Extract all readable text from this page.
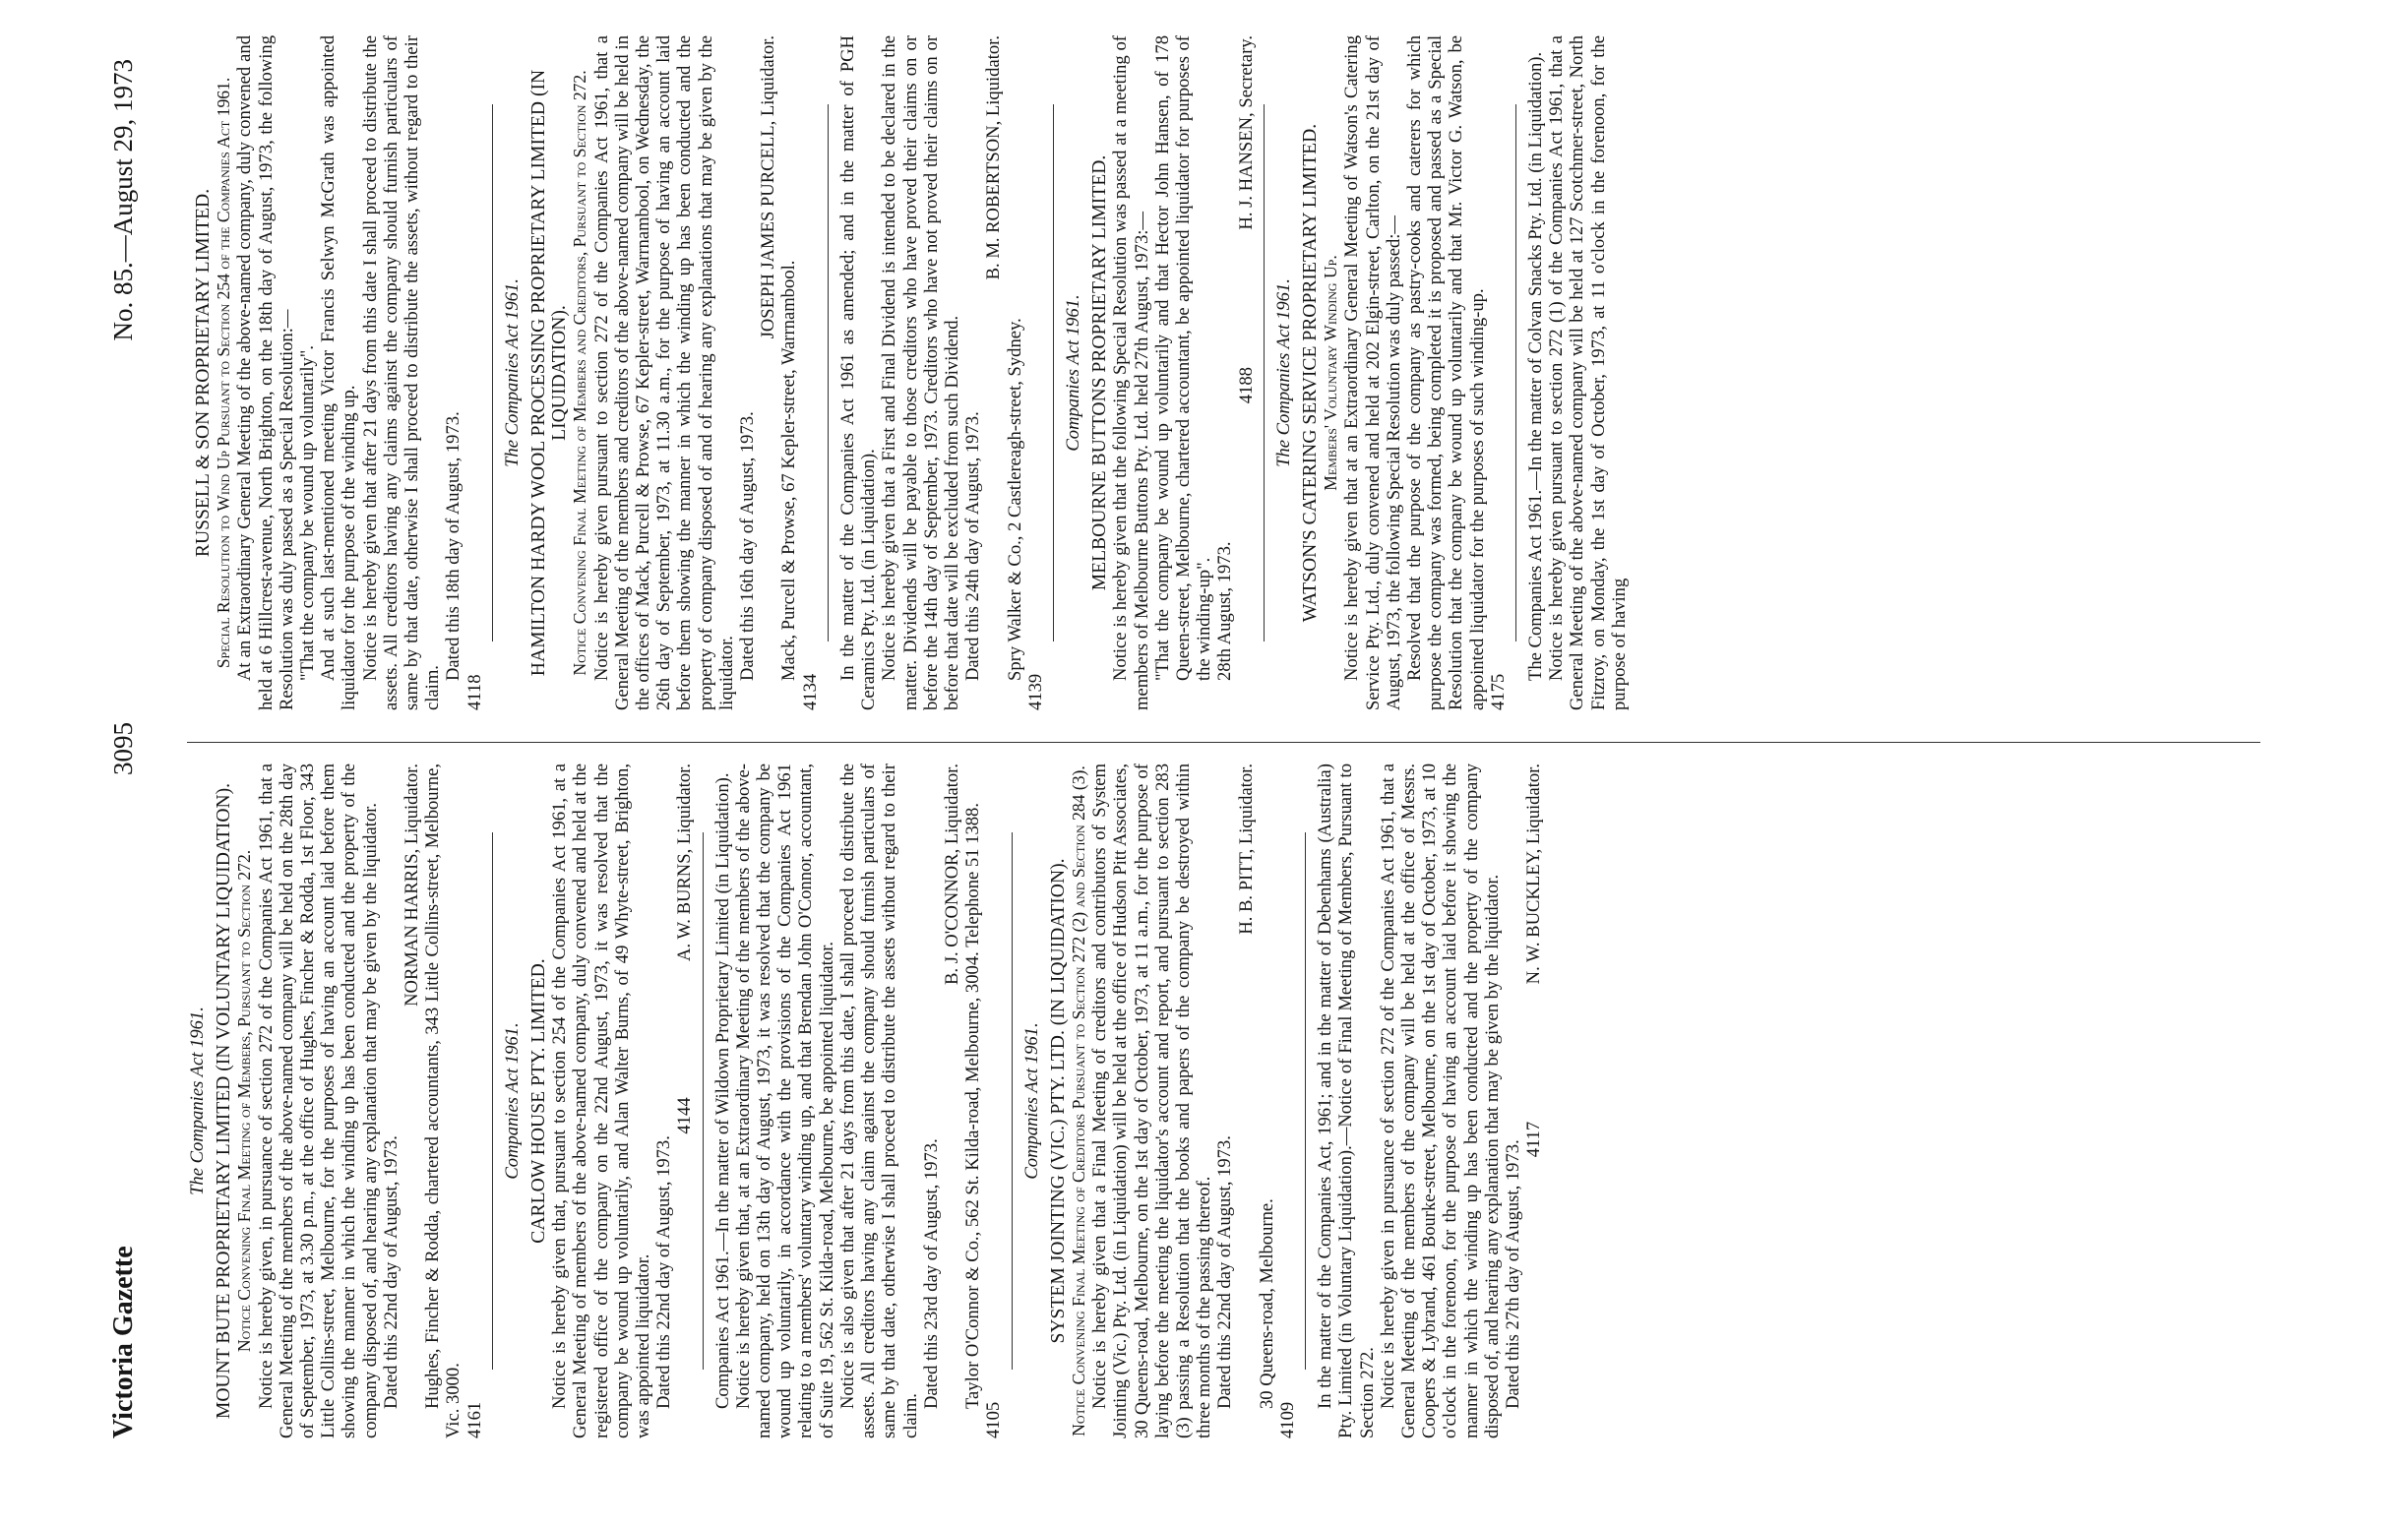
Victoria Gazette
3095
No. 85.—August 29, 1973

The Companies Act 1961. MOUNT BUTE PROPRIETARY LIMITED (IN VOLUNTARY LIQUIDATION). Notice Convening Final Meeting of Members, Pursuant to Section 272. Notice is hereby given, in pursuance of section 272 of the Companies Act 1961, that a General Meeting of the members of the above-named company will be held on the 28th day of September, 1973, at 3.30 p.m., at the office of Hughes, Fincher & Rodda, 1st Floor, 343 Little Collins-street, Melbourne, for the purposes of having an account laid before them showing the manner in which the winding up has been conducted and the property of the company disposed of, and hearing any explanation that may be given by the liquidator. Dated this 22nd day of August, 1973.

NORMAN HARRIS, Liquidator. Hughes, Fincher & Rodda, chartered accountants, 343 Little Collins-street, Melbourne, Vic. 3000. 4161

Companies Act 1961. CARLOW HOUSE PTY. LIMITED. Notice is hereby given that, pursuant to section 254 of the Companies Act 1961, at a General Meeting of members of the above-named company, duly convened and held at the registered office of the company on the 22nd August, 1973, it was resolved that the company be wound up voluntarily, and Alan Walter Burns, of 49 Whyte-street, Brighton, was appointed liquidator. Dated this 22nd day of August, 1973.

4144                              A. W. BURNS, Liquidator. Companies Act 1961.—In the matter of Wildown Proprietary Limited (in Liquidation). Notice is hereby given that, at an Extraordinary Meeting of the members of the above-named company, held on 13th day of August, 1973, it was resolved that the company be wound up voluntarily, in accordance with the provisions of the Companies Act 1961 relating to a members' voluntary winding up, and that Brendan John O'Connor, accountant, of Suite 19, 562 St. Kilda-road, Melbourne, be appointed liquidator. Notice is also given that after 21 days from this date, I shall proceed to distribute the assets. All creditors having any claim against the company should furnish particulars of same by that date, otherwise I shall proceed to distribute the assets without regard to their claim.

Dated this 23rd day of August, 1973.

B. J. O'CONNOR, Liquidator. Taylor O'Connor & Co., 562 St. Kilda-road, Melbourne, 3004. Telephone 51 1388.

4105

Companies Act 1961. SYSTEM JOINTING (VIC.) PTY. LTD. (IN LIQUIDATION). Notice Convening Final Meeting of Creditors Pursuant to Section 272 (2) and Section 284 (3). Notice is hereby given that a Final Meeting of creditors and contributors of System Jointing (Vic.) Pty. Ltd. (in Liquidation) will be held at the office of Hudson Pitt Associates, 30 Queens-road, Melbourne, on the 1st day of October, 1973, at 11 a.m., for the purpose of laying before the meeting the liquidator's account and report, and pursuant to section 283 (3) passing a Resolution that the books and papers of the company be destroyed within three months of the passing thereof. Dated this 22nd day of August, 1973.

H. B. PITT, Liquidator.

30 Queens-road, Melbourne.

4109

In the matter of the Companies Act, 1961; and in the matter of Debenhams (Australia) Pty. Limited (in Voluntary Liquidation).—Notice of Final Meeting of Members, Pursuant to Section 272. Notice is hereby given in pursuance of section 272 of the Companies Act 1961, that a General Meeting of the members of the company will be held at the office of Messrs. Coopers & Lybrand, 461 Bourke-street, Melbourne, on the 1st day of October, 1973, at 10 o'clock in the forenoon, for the purpose of having an account laid before it showing the manner in which the winding up has been conducted and the property of the company disposed of, and hearing any explanation that may be given by the liquidator. Dated this 27th day of August, 1973.

4117                              N. W. BUCKLEY, Liquidator.

RUSSELL & SON PROPRIETARY LIMITED. Special Resolution to Wind Up Pursuant to Section 254 of the Companies Act 1961. At an Extraordinary General Meeting of the above-named company, duly convened and held at 6 Hillcrest-avenue, North Brighton, on the 18th day of August, 1973, the following Resolution was duly passed as a Special Resolution:— "That the company be wound up voluntarily". And at such last-mentioned meeting Victor Francis Selwyn McGrath was appointed liquidator for the purpose of the winding up. Notice is hereby given that after 21 days from this date I shall proceed to distribute the assets. All creditors having any claims against the company should furnish particulars of same by that date, otherwise I shall proceed to distribute the assets, without regard to their claim.

Dated this 18th day of August, 1973.

4118

The Companies Act 1961. HAMILTON HARDY WOOL PROCESSING PROPRIETARY LIMITED (IN LIQUIDATION). Notice Convening Final Meeting of Members and Creditors, Pursuant to Section 272. Notice is hereby given pursuant to section 272 of the Companies Act 1961, that a General Meeting of the members and creditors of the above-named company will be held in the offices of Mack, Purcell & Prowse, 67 Kepler-street, Warrnambool, on Wednesday, the 26th day of September, 1973, at 11.30 a.m., for the purpose of having an account laid before them showing the manner in which the winding up has been conducted and the property of company disposed of and of hearing any explanations that may be given by the liquidator. Dated this 16th day of August, 1973.

JOSEPH JAMES PURCELL, Liquidator.

Mack, Purcell & Prowse, 67 Kepler-street, Warrnambool.

4134

In the matter of the Companies Act 1961 as amended; and in the matter of PGH Ceramics Pty. Ltd. (in Liquidation). Notice is hereby given that a First and Final Dividend is intended to be declared in the matter. Dividends will be payable to those creditors who have proved their claims on or before the 14th day of September, 1973. Creditors who have not proved their claims on or before that date will be excluded from such Dividend. Dated this 24th day of August, 1973.

B. M. ROBERTSON, Liquidator.

Spry Walker & Co., 2 Castlereagh-street, Sydney.

4139

Companies Act 1961. MELBOURNE BUTTONS PROPRIETARY LIMITED. Notice is hereby given that the following Special Resolution was passed at a meeting of members of Melbourne Buttons Pty. Ltd. held 27th August, 1973:— "That the company be wound up voluntarily and that Hector John Hansen, of 178 Queen-street, Melbourne, chartered accountant, be appointed liquidator for purposes of the winding-up". 28th August, 1973.

4188                              H. J. HANSEN, Secretary. The Companies Act 1961. WATSON'S CATERING SERVICE PROPRIETARY LIMITED. Members' Voluntary Winding Up. Notice is hereby given that at an Extraordinary General Meeting of Watson's Catering Service Pty. Ltd., duly convened and held at 202 Elgin-street, Carlton, on the 21st day of August, 1973, the following Special Resolution was duly passed:— Resolved that the purpose of the company as pastry-cooks and caterers for which purpose the company was formed, being completed it is proposed and passed as a Special Resolution that the company be wound up voluntarily and that Mr. Victor G. Watson, be appointed liquidator for the purposes of such winding-up. 4175

The Companies Act 1961.—In the matter of Colvan Snacks Pty. Ltd. (in Liquidation). Notice is hereby given pursuant to section 272 (1) of the Companies Act 1961, that a General Meeting of the above-named company will be held at 127 Scotchmer-street, North Fitzroy, on Monday, the 1st day of October, 1973, at 11 o'clock in the forenoon, for the purpose of having
